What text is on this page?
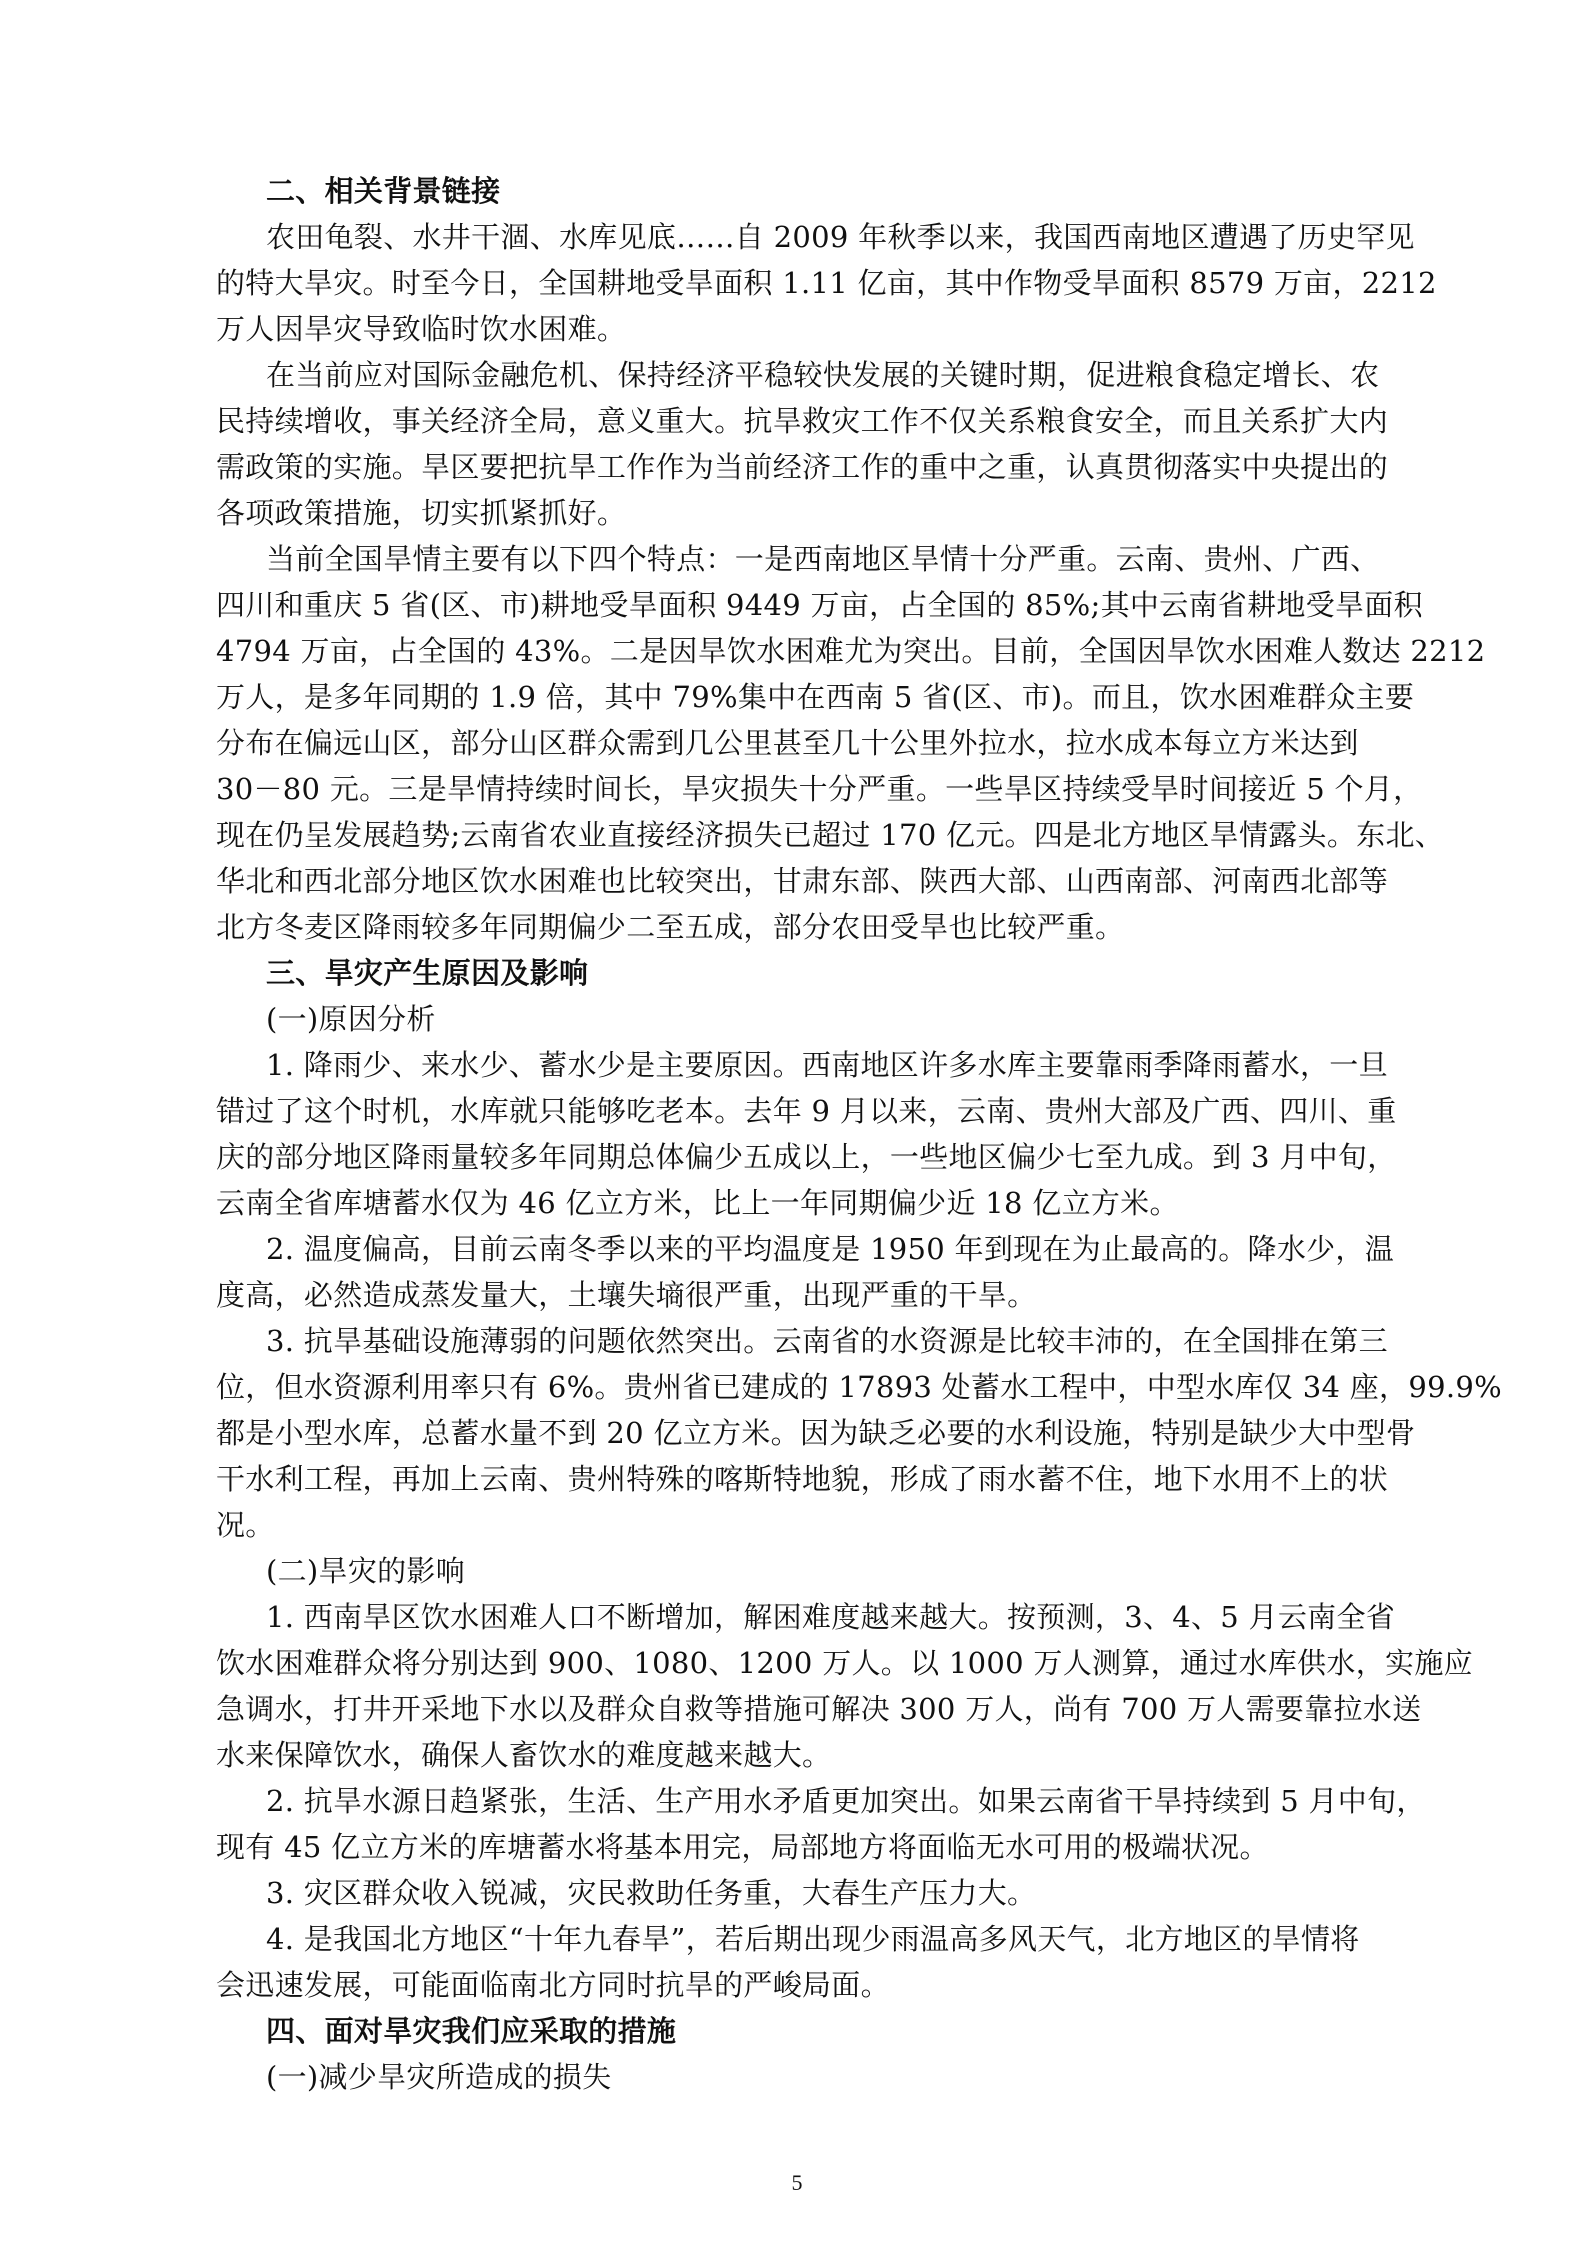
二、相关背景链接
农田龟裂、水井干涸、水库见底……自 2009 年秋季以来，我国西南地区遭遇了历史罕见
的特大旱灾。时至今日，全国耕地受旱面积 1.11 亿亩，其中作物受旱面积 8579 万亩，2212
万人因旱灾导致临时饮水困难。
在当前应对国际金融危机、保持经济平稳较快发展的关键时期，促进粮食稳定增长、农
民持续增收，事关经济全局，意义重大。抗旱救灾工作不仅关系粮食安全，而且关系扩大内
需政策的实施。旱区要把抗旱工作作为当前经济工作的重中之重，认真贯彻落实中央提出的
各项政策措施，切实抓紧抓好。
当前全国旱情主要有以下四个特点：一是西南地区旱情十分严重。云南、贵州、广西、
四川和重庆 5 省(区、市)耕地受旱面积 9449 万亩，占全国的 85%;其中云南省耕地受旱面积
4794 万亩，占全国的 43%。二是因旱饮水困难尤为突出。目前，全国因旱饮水困难人数达 2212
万人，是多年同期的 1.9 倍，其中 79%集中在西南 5 省(区、市)。而且，饮水困难群众主要
分布在偏远山区，部分山区群众需到几公里甚至几十公里外拉水，拉水成本每立方米达到
30－80 元。三是旱情持续时间长，旱灾损失十分严重。一些旱区持续受旱时间接近 5 个月，
现在仍呈发展趋势;云南省农业直接经济损失已超过 170 亿元。四是北方地区旱情露头。东北、
华北和西北部分地区饮水困难也比较突出，甘肃东部、陕西大部、山西南部、河南西北部等
北方冬麦区降雨较多年同期偏少二至五成，部分农田受旱也比较严重。
三、旱灾产生原因及影响
(一)原因分析
1. 降雨少、来水少、蓄水少是主要原因。西南地区许多水库主要靠雨季降雨蓄水，一旦
错过了这个时机，水库就只能够吃老本。去年 9 月以来，云南、贵州大部及广西、四川、重
庆的部分地区降雨量较多年同期总体偏少五成以上，一些地区偏少七至九成。到 3 月中旬，
云南全省库塘蓄水仅为 46 亿立方米，比上一年同期偏少近 18 亿立方米。
2. 温度偏高，目前云南冬季以来的平均温度是 1950 年到现在为止最高的。降水少，温
度高，必然造成蒸发量大，土壤失墒很严重，出现严重的干旱。
3. 抗旱基础设施薄弱的问题依然突出。云南省的水资源是比较丰沛的，在全国排在第三
位，但水资源利用率只有 6%。贵州省已建成的 17893 处蓄水工程中，中型水库仅 34 座，99.9%
都是小型水库，总蓄水量不到 20 亿立方米。因为缺乏必要的水利设施，特别是缺少大中型骨
干水利工程，再加上云南、贵州特殊的喀斯特地貌，形成了雨水蓄不住，地下水用不上的状
况。
(二)旱灾的影响
1. 西南旱区饮水困难人口不断增加，解困难度越来越大。按预测，3、4、5 月云南全省
饮水困难群众将分别达到 900、1080、1200 万人。以 1000 万人测算，通过水库供水，实施应
急调水，打井开采地下水以及群众自救等措施可解决 300 万人，尚有 700 万人需要靠拉水送
水来保障饮水，确保人畜饮水的难度越来越大。
2. 抗旱水源日趋紧张，生活、生产用水矛盾更加突出。如果云南省干旱持续到 5 月中旬，
现有 45 亿立方米的库塘蓄水将基本用完，局部地方将面临无水可用的极端状况。
3. 灾区群众收入锐减，灾民救助任务重，大春生产压力大。
4. 是我国北方地区“十年九春旱”，若后期出现少雨温高多风天气，北方地区的旱情将
会迅速发展，可能面临南北方同时抗旱的严峻局面。
四、面对旱灾我们应采取的措施
(一)减少旱灾所造成的损失
5
